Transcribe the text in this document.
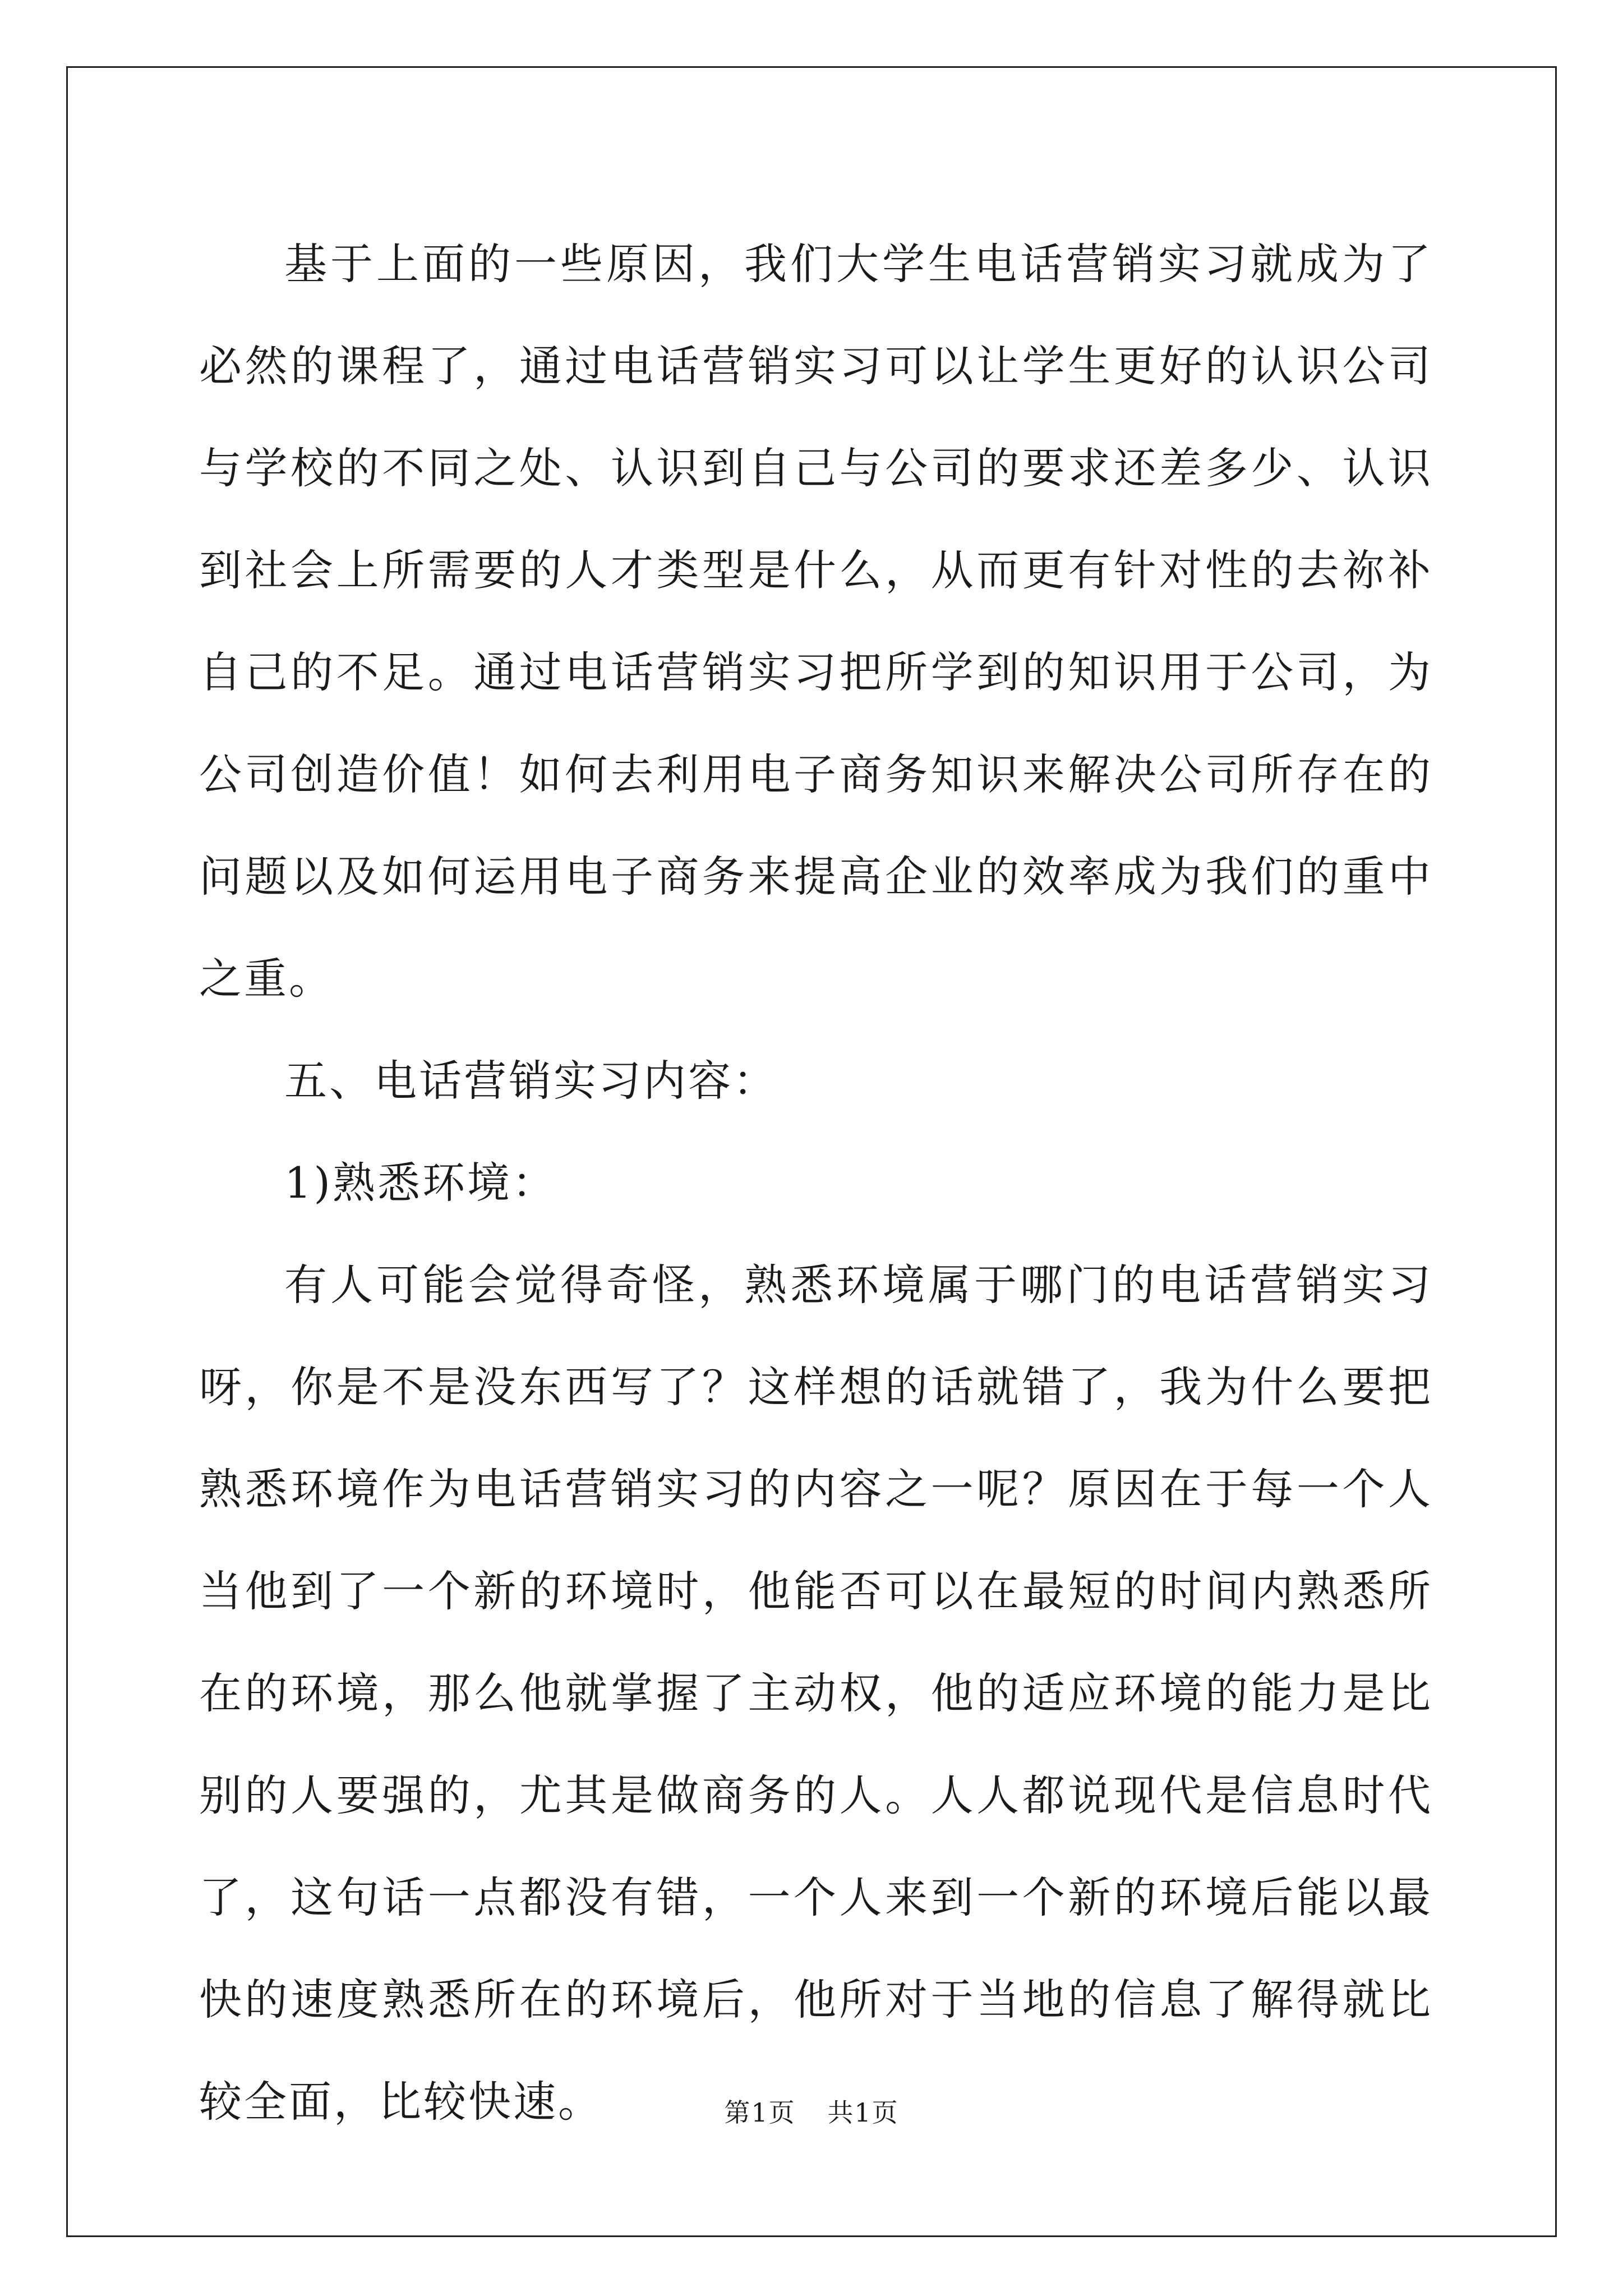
基于上面的一些原因，我们大学生电话营销实习就成为了必然的课程了，通过电话营销实习可以让学生更好的认识公司与学校的不同之处、认识到自己与公司的要求还差多少、认识到社会上所需要的人才类型是什么，从而更有针对性的去祢补自己的不足。通过电话营销实习把所学到的知识用于公司，为公司创造价值！如何去利用电子商务知识来解决公司所存在的问题以及如何运用电子商务来提高企业的效率成为我们的重中之重。

五、电话营销实习内容：

1)熟悉环境：

有人可能会觉得奇怪，熟悉环境属于哪门的电话营销实习呀，你是不是没东西写了？这样想的话就错了，我为什么要把熟悉环境作为电话营销实习的内容之一呢？原因在于每一个人当他到了一个新的环境时，他能否可以在最短的时间内熟悉所在的环境，那么他就掌握了主动权，他的适应环境的能力是比别的人要强的，尤其是做商务的人。人人都说现代是信息时代了，这句话一点都没有错，一个人来到一个新的环境后能以最快的速度熟悉所在的环境后，他所对于当地的信息了解得就比较全面，比较快速。	第1页 共1页
